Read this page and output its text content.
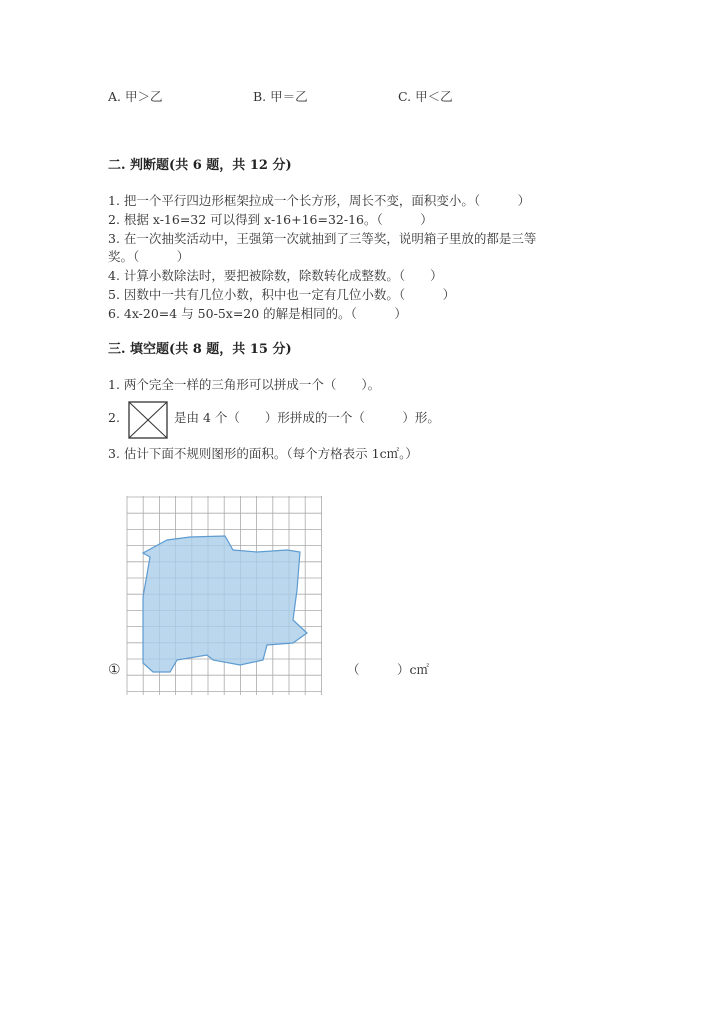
A. 甲＞乙	B. 甲＝乙	C. 甲＜乙
二. 判断题(共 6 题，共 12 分)
1. 把一个平行四边形框架拉成一个长方形，周长不变，面积变小。（　　　）
2. 根据 x-16=32 可以得到 x-16+16=32-16。（　　　）
3. 在一次抽奖活动中，王强第一次就抽到了三等奖，说明箱子里放的都是三等
奖。（　　　）
4. 计算小数除法时，要把被除数，除数转化成整数。（　　）
5. 因数中一共有几位小数，积中也一定有几位小数。（　　　）
6. 4x-20=4 与 50-5x=20 的解是相同的。（　　　）
三. 填空题(共 8 题，共 15 分)
1. 两个完全一样的三角形可以拼成一个（　　）。
2.	是由 4 个（　　）形拼成的一个（　　　）形。
3. 估计下面不规则图形的面积。（每个方格表示 1c㎡。）
①	（　　　）c㎡
